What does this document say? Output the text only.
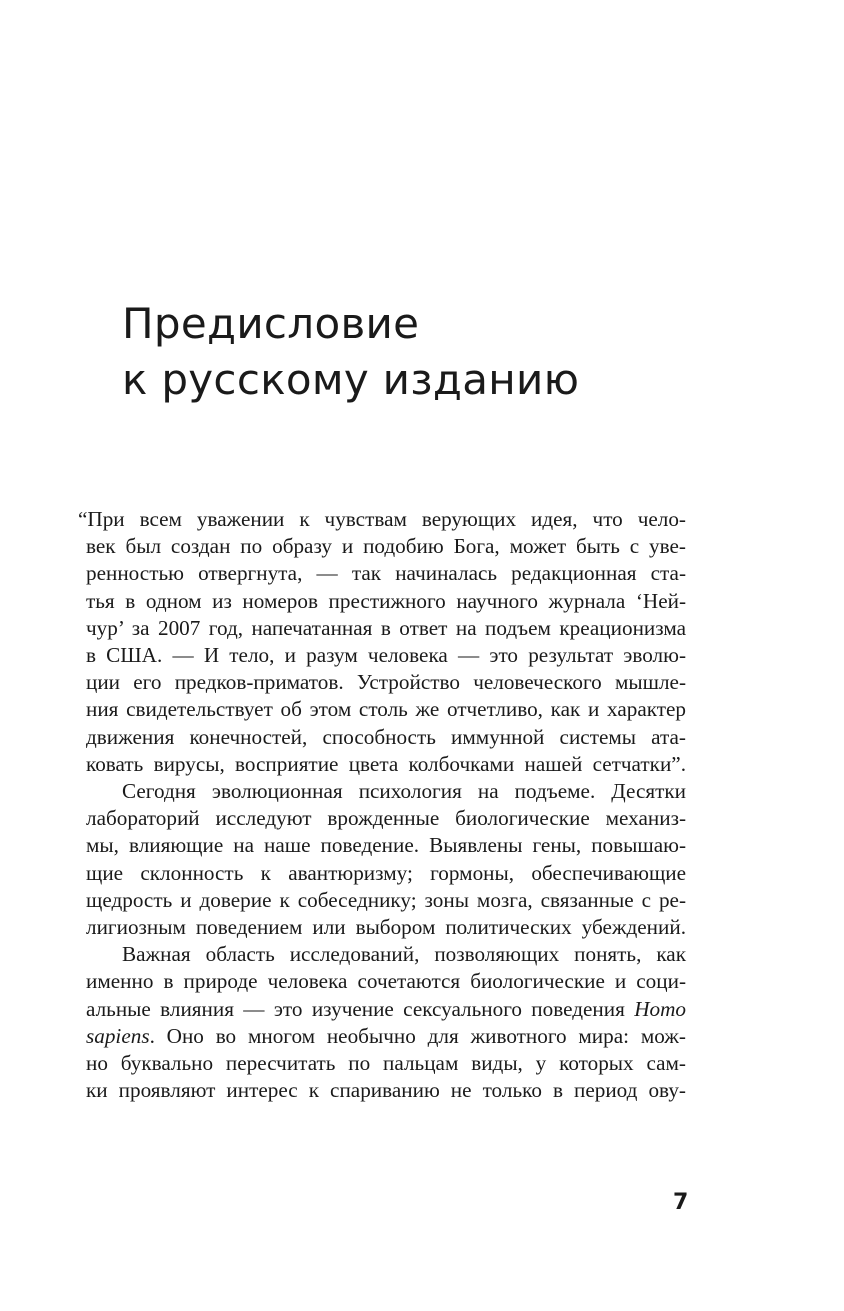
Предисловие
к русскому изданию
“При всем уважении к чувствам верующих идея, что чело-
век был создан по образу и подобию Бога, может быть с уве-
ренностью отвергнута, — так начиналась редакционная ста-
тья в одном из номеров престижного научного журнала ‘Ней-
чур’ за 2007 год, напечатанная в ответ на подъем креационизма
в США. — И тело, и разум человека — это результат эволю-
ции его предков-приматов. Устройство человеческого мышле-
ния свидетельствует об этом столь же отчетливо, как и характер
движения конечностей, способность иммунной системы ата-
ковать вирусы, восприятие цвета колбочками нашей сетчатки”.
Сегодня эволюционная психология на подъеме. Десятки
лабораторий исследуют врожденные биологические механиз-
мы, влияющие на наше поведение. Выявлены гены, повышаю-
щие склонность к авантюризму; гормоны, обеспечивающие
щедрость и доверие к собеседнику; зоны мозга, связанные с ре-
лигиозным поведением или выбором политических убеждений.
Важная область исследований, позволяющих понять, как
именно в природе человека сочетаются биологические и соци-
альные влияния — это изучение сексуального поведения Homo
sapiens. Оно во многом необычно для животного мира: мож-
но буквально пересчитать по пальцам виды, у которых сам-
ки проявляют интерес к спариванию не только в период ову-
7
